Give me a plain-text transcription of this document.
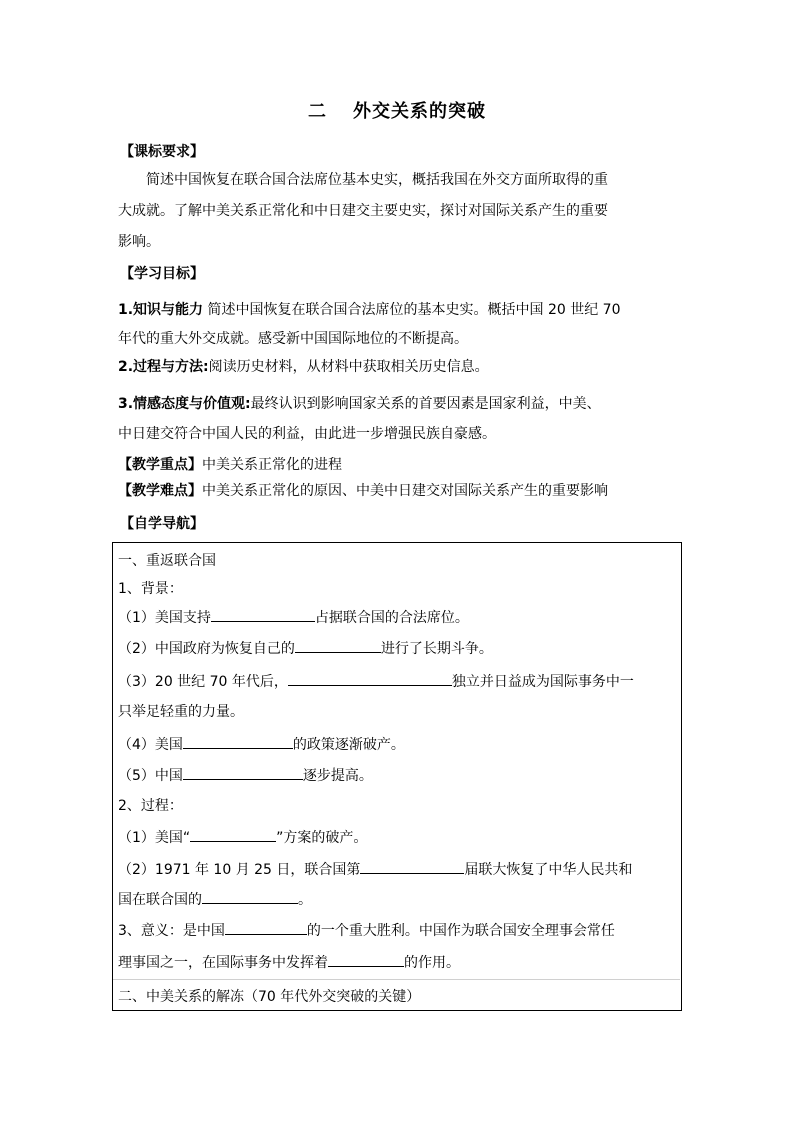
二 外交关系的突破
【课标要求】
简述中国恢复在联合国合法席位基本史实，概括我国在外交方面所取得的重
大成就。了解中美关系正常化和中日建交主要史实，探讨对国际关系产生的重要
影响。
【学习目标】
1.知识与能力 简述中国恢复在联合国合法席位的基本史实。概括中国 20 世纪 70
年代的重大外交成就。感受新中国国际地位的不断提高。
2.过程与方法:阅读历史材料，从材料中获取相关历史信息。
3.情感态度与价值观:最终认识到影响国家关系的首要因素是国家利益，中美、
中日建交符合中国人民的利益，由此进一步增强民族自豪感。
【教学重点】中美关系正常化的进程
【教学难点】中美关系正常化的原因、中美中日建交对国际关系产生的重要影响
【自学导航】
一、重返联合国
1、背景：
（1）美国支持	占据联合国的合法席位。
（2）中国政府为恢复自己的	进行了长期斗争。
（3）20 世纪 70 年代后，	独立并日益成为国际事务中一
只举足轻重的力量。
（4）美国	的政策逐渐破产。
（5）中国	逐步提高。
2、过程：
（1）美国“	”方案的破产。
（2）1971 年 10 月 25 日，联合国第	届联大恢复了中华人民共和
国在联合国的	。
3、意义：是中国	的一个重大胜利。中国作为联合国安全理事会常任
理事国之一，在国际事务中发挥着	的作用。
二、中美关系的解冻（70 年代外交突破的关键）
